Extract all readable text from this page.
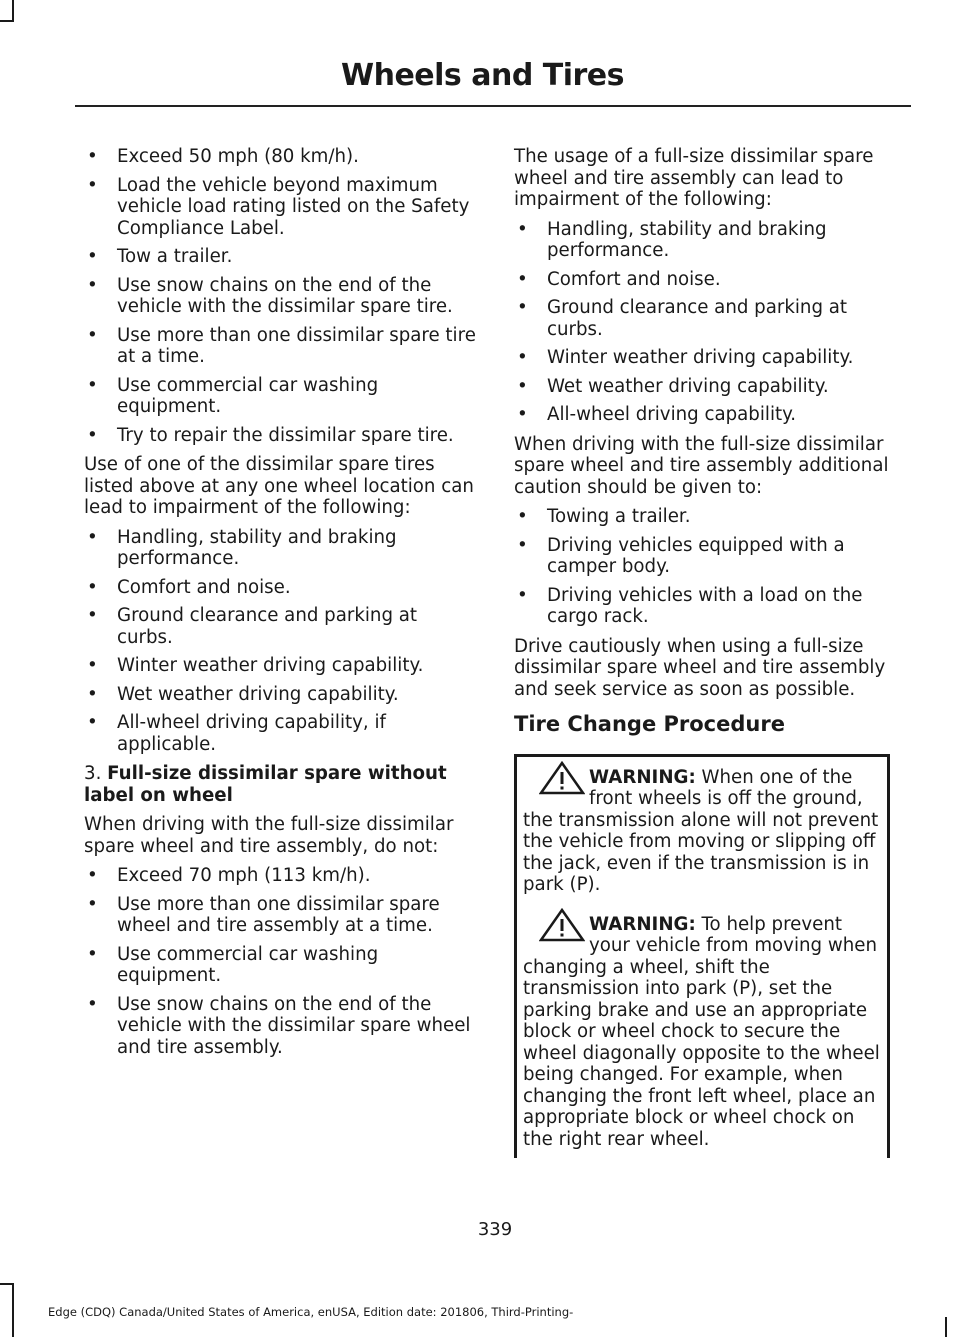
Wheels and Tires
• Exceed 50 mph (80 km/h).
• Load the vehicle beyond maximum vehicle load rating listed on the Safety Compliance Label.
• Tow a trailer.
• Use snow chains on the end of the vehicle with the dissimilar spare tire.
• Use more than one dissimilar spare tire at a time.
• Use commercial car washing equipment.
• Try to repair the dissimilar spare tire.

Use of one of the dissimilar spare tires listed above at any one wheel location can lead to impairment of the following:

• Handling, stability and braking performance.
• Comfort and noise.
• Ground clearance and parking at curbs.
• Winter weather driving capability.
• Wet weather driving capability.
• All-wheel driving capability, if applicable.

3. Full-size dissimilar spare without label on wheel

When driving with the full-size dissimilar spare wheel and tire assembly, do not:

• Exceed 70 mph (113 km/h).
• Use more than one dissimilar spare wheel and tire assembly at a time.
• Use commercial car washing equipment.
• Use snow chains on the end of the vehicle with the dissimilar spare wheel and tire assembly.

The usage of a full-size dissimilar spare wheel and tire assembly can lead to impairment of the following:

• Handling, stability and braking performance.
• Comfort and noise.
• Ground clearance and parking at curbs.
• Winter weather driving capability.
• Wet weather driving capability.
• All-wheel driving capability.

When driving with the full-size dissimilar spare wheel and tire assembly additional caution should be given to:

• Towing a trailer.
• Driving vehicles equipped with a camper body.
• Driving vehicles with a load on the cargo rack.

Drive cautiously when using a full-size dissimilar spare wheel and tire assembly and seek service as soon as possible.

Tire Change Procedure
WARNING: When one of the front wheels is off the ground, the transmission alone will not prevent the vehicle from moving or slipping off the jack, even if the transmission is in park (P).
WARNING: To help prevent your vehicle from moving when changing a wheel, shift the transmission into park (P), set the parking brake and use an appropriate block or wheel chock to secure the wheel diagonally opposite to the wheel being changed. For example, when changing the front left wheel, place an appropriate block or wheel chock on the right rear wheel.
339
Edge (CDQ) Canada/United States of America, enUSA, Edition date: 201806, Third-Printing-
